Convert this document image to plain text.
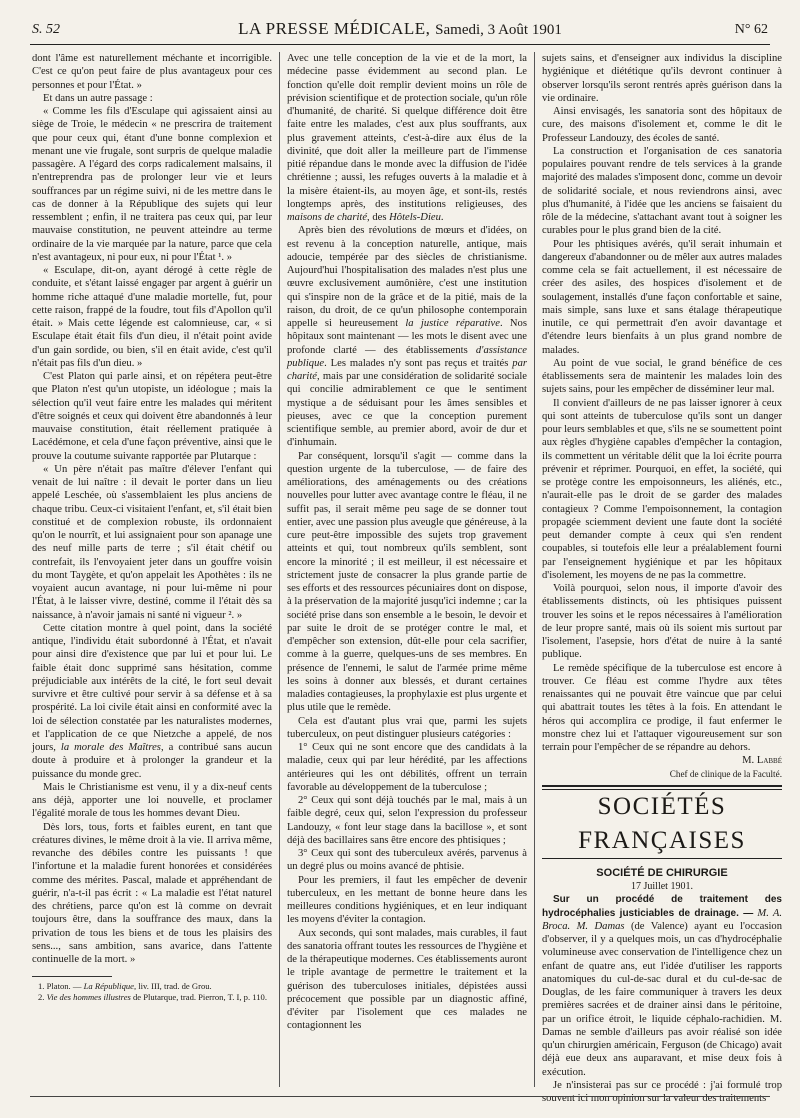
S. 52	LA PRESSE MÉDICALE, Samedi, 3 Août 1901	N° 62

dont l'âme est naturellement méchante et incorrigible. C'est ce qu'on peut faire de plus avantageux pour ces personnes et pour l'État. »

Et dans un autre passage :

« Comme les fils d'Esculape qui agissaient ainsi au siège de Troie, le médecin « ne prescrira de traitement que pour ceux qui, étant d'une bonne complexion et menant une vie frugale, sont surpris de quelque maladie passagère. A l'égard des corps radicalement malsains, il n'entreprendra pas de prolonger leur vie et leurs souffrances par un régime suivi, ni de les mettre dans le cas de donner à la République des sujets qui leur ressemblent ; enfin, il ne traitera pas ceux qui, par leur mauvaise constitution, ne peuvent atteindre au terme ordinaire de la vie marquée par la nature, parce que cela n'est avantageux, ni pour eux, ni pour l'État ¹. »

« Esculape, dit-on, ayant dérogé à cette règle de conduite, et s'étant laissé engager par argent à guérir un homme riche attaqué d'une maladie mortelle, fut, pour cette raison, frappé de la foudre, tout fils d'Apollon qu'il était. » Mais cette légende est calomnieuse, car, « si Esculape était était fils d'un dieu, il n'était point avide d'un gain sordide, ou bien, s'il en était avide, c'est qu'il n'était pas fils d'un dieu. »

C'est Platon qui parle ainsi, et on répétera peut-être que Platon n'est qu'un utopiste, un idéologue ; mais la sélection qu'il veut faire entre les malades qui méritent d'être soignés et ceux qui doivent être abandonnés à leur mauvaise constitution, était réellement pratiquée à Lacédémone, et cela d'une façon préventive, ainsi que le prouve la coutume suivante rapportée par Plutarque :

« Un père n'était pas maître d'élever l'enfant qui venait de lui naître : il devait le porter dans un lieu appelé Leschée, où s'assemblaient les plus anciens de chaque tribu. Ceux-ci visitaient l'enfant, et, s'il était bien constitué et de complexion robuste, ils ordonnaient qu'on le nourrît, et lui assignaient pour son apanage une des neuf mille parts de terre ; s'il était chétif ou contrefait, ils l'envoyaient jeter dans un gouffre voisin du mont Taygète, et qu'on appelait les Apothètes : ils ne voyaient aucun avantage, ni pour lui-même ni pour l'État, à le laisser vivre, destiné, comme il l'était dès sa naissance, à n'avoir jamais ni santé ni vigueur ². »

Cette citation montre à quel point, dans la société antique, l'individu était subordonné à l'État, et n'avait pour ainsi dire d'existence que par lui et pour lui. Le faible était donc supprimé sans hésitation, comme préjudiciable aux intérêts de la cité, le fort seul devait survivre et être cultivé pour servir à sa défense et à sa prospérité. La loi civile était ainsi en conformité avec la loi de sélection constatée par les naturalistes modernes, et l'application de ce que Nietzche a appelé, de nos jours, la morale des Maîtres, a contribué sans aucun doute à produire et à prolonger la grandeur et la puissance du monde grec.

Mais le Christianisme est venu, il y a dix-neuf cents ans déjà, apporter une loi nouvelle, et proclamer l'égalité morale de tous les hommes devant Dieu.

Dès lors, tous, forts et faibles eurent, en tant que créatures divines, le même droit à la vie. Il arriva même, revanche des débiles contre les puissants ! que l'infortune et la maladie furent honorées et considérées comme des mérites. Pascal, malade et appréhendant de guérir, n'a-t-il pas écrit : « La maladie est l'état naturel des chrétiens, parce qu'on est là comme on devrait toujours être, dans la souffrance des maux, dans la privation de tous les biens et de tous les plaisirs des sens..., sans ambition, sans avarice, dans l'attente continuelle de la mort. »

1. Platon. — La République, liv. III, trad. de Grou.

2. Vie des hommes illustres de Plutarque, trad. Pierron, T. I, p. 110.

Avec une telle conception de la vie et de la mort, la médecine passe évidemment au second plan. Le fonction qu'elle doit remplir devient moins un rôle de prévision scientifique et de protection sociale, qu'un rôle d'humanité, de charité. Si quelque différence doit être faite entre les malades, c'est aux plus souffrants, aux plus gravement atteints, c'est-à-dire aux élus de la divinité, que doit aller la meilleure part de l'immense pitié répandue dans le monde avec la diffusion de l'idée chrétienne ; aussi, les refuges ouverts à la maladie et à la misère étaient-ils, au moyen âge, et sont-ils, restés longtemps après, des institutions religieuses, des maisons de charité, des Hôtels-Dieu.

Après bien des révolutions de mœurs et d'idées, on est revenu à la conception naturelle, antique, mais adoucie, tempérée par des siècles de christianisme. Aujourd'hui l'hospitalisation des malades n'est plus une œuvre exclusivement aumônière, c'est une institution qui s'inspire non de la grâce et de la pitié, mais de la raison, du droit, de ce qu'un philosophe contemporain appelle si heureusement la justice réparative. Nos hôpitaux sont maintenant — les mots le disent avec une profonde clarté — des établissements d'assistance publique. Les malades n'y sont pas reçus et traités par charité, mais par une considération de solidarité sociale qui concilie admirablement ce que le sentiment mystique a de séduisant pour les âmes sensibles et pieuses, avec ce que la conception purement scientifique semble, au premier abord, avoir de dur et d'inhumain.

Par conséquent, lorsqu'il s'agit — comme dans la question urgente de la tuberculose, — de faire des améliorations, des aménagements ou des créations nouvelles pour lutter avec avantage contre le fléau, il ne suffit pas, il serait même peu sage de se donner tout entier, avec une passion plus aveugle que généreuse, à la cure peut-être impossible des sujets trop gravement atteints et qui, tout nombreux qu'ils semblent, sont encore la minorité ; il est meilleur, il est nécessaire et strictement juste de consacrer la plus grande partie de ses efforts et des ressources pécuniaires dont on dispose, à la préservation de la majorité jusqu'ici indemne ; car la société prise dans son ensemble a le besoin, le devoir et par suite le droit de se protéger contre le mal, et d'empêcher son extension, dût-elle pour cela sacrifier, comme à la guerre, quelques-uns de ses membres. En présence de l'ennemi, le salut de l'armée prime même les soins à donner aux blessés, et durant certaines maladies contagieuses, la prophylaxie est plus urgente et plus utile que le remède.

Cela est d'autant plus vrai que, parmi les sujets tuberculeux, on peut distinguer plusieurs catégories :

1° Ceux qui ne sont encore que des candidats à la maladie, ceux qui par leur hérédité, par les affections antérieures qui les ont débilités, offrent un terrain favorable au développement de la tuberculose ;

2° Ceux qui sont déjà touchés par le mal, mais à un faible degré, ceux qui, selon l'expression du professeur Landouzy, « font leur stage dans la bacillose », et sont déjà des bacillaires sans être encore des phtisiques ;

3° Ceux qui sont des tuberculeux avérés, parvenus à un degré plus ou moins avancé de phtisie.

Pour les premiers, il faut les empêcher de devenir tuberculeux, en les mettant de bonne heure dans les meilleures conditions hygiéniques, et en leur indiquant les moyens d'éviter la contagion.

Aux seconds, qui sont malades, mais curables, il faut des sanatoria offrant toutes les ressources de l'hygiène et de la thérapeutique modernes. Ces établissements auront le triple avantage de permettre le traitement et la guérison des tuberculoses initiales, dépistées aussi précocement que possible par un diagnostic affiné, d'éviter par l'isolement que ces malades ne contagionnent les

sujets sains, et d'enseigner aux individus la discipline hygiénique et diététique qu'ils devront continuer à observer lorsqu'ils seront rentrés après guérison dans la vie ordinaire.

Ainsi envisagés, les sanatoria sont des hôpitaux de cure, des maisons d'isolement et, comme le dit le Professeur Landouzy, des écoles de santé.

La construction et l'organisation de ces sanatoria populaires pouvant rendre de tels services à la grande majorité des malades s'imposent donc, comme un devoir de solidarité sociale, et nous reviendrons ainsi, avec plus d'humanité, à l'idée que les anciens se faisaient du rôle de la médecine, s'attachant avant tout à soigner les curables pour le plus grand bien de la cité.

Pour les phtisiques avérés, qu'il serait inhumain et dangereux d'abandonner ou de mêler aux autres malades comme cela se fait actuellement, il est nécessaire de créer des asiles, des hospices d'isolement et de soulagement, installés d'une façon confortable et saine, mais simple, sans luxe et sans étalage thérapeutique inutile, ce qui permettrait d'en avoir davantage et d'étendre leurs bienfaits à un plus grand nombre de malades.

Au point de vue social, le grand bénéfice de ces établissements sera de maintenir les malades loin des sujets sains, pour les empêcher de disséminer leur mal.

Il convient d'ailleurs de ne pas laisser ignorer à ceux qui sont atteints de tuberculose qu'ils sont un danger pour leurs semblables et que, s'ils ne se soumettent point aux règles d'hygiène capables d'empêcher la contagion, ils commettent un véritable délit que la loi écrite pourra prévenir et réprimer. Pourquoi, en effet, la société, qui se protège contre les empoisonneurs, les aliénés, etc., n'aurait-elle pas le droit de se garder des malades contagieux ? Comme l'empoisonnement, la contagion propagée sciemment devient une faute dont la société peut demander compte à ceux qui s'en rendent coupables, si toutefois elle leur a préalablement fourni par l'enseignement hygiénique et par les hôpitaux d'isolement, les moyens de ne pas la commettre.

Voilà pourquoi, selon nous, il importe d'avoir des établissements distincts, où les phtisiques puissent trouver les soins et le repos nécessaires à l'amélioration de leur propre santé, mais où ils soient mis surtout par l'isolement, l'asepsie, hors d'état de nuire à la santé publique.

Le remède spécifique de la tuberculose est encore à trouver. Ce fléau est comme l'hydre aux têtes renaissantes qui ne pouvait être vaincue que par celui qui abattrait toutes les têtes à la fois. En attendant le héros qui accomplira ce prodige, il faut enfermer le monstre chez lui et l'attaquer vigoureusement sur son terrain pour l'empêcher de se répandre au dehors.

M. Labbé

Chef de clinique de la Faculté.

SOCIÉTÉS FRANÇAISES

SOCIÉTÉ DE CHIRURGIE

17 Juillet 1901.

Sur un procédé de traitement des hydrocéphalies justiciables de drainage. — M. A. Broca. M. Damas (de Valence) ayant eu l'occasion d'observer, il y a quelques mois, un cas d'hydrocéphalie volumineuse avec conservation de l'intelligence chez un enfant de quatre ans, eut l'idée d'utiliser les rapports anatomiques du cul-de-sac dural et du cul-de-sac de Douglas, de les faire communiquer à travers les deux premières sacrées et de drainer ainsi dans le péritoine, par un orifice étroit, le liquide céphalo-rachidien. M. Damas ne semble d'ailleurs pas avoir réalisé son idée qu'un chirurgien américain, Ferguson (de Chicago) avait déjà eue deux ans auparavant, et mise deux fois à exécution.

Je n'insisterai pas sur ce procédé : j'ai formulé trop souvent ici mon opinion sur la valeur des traitements
